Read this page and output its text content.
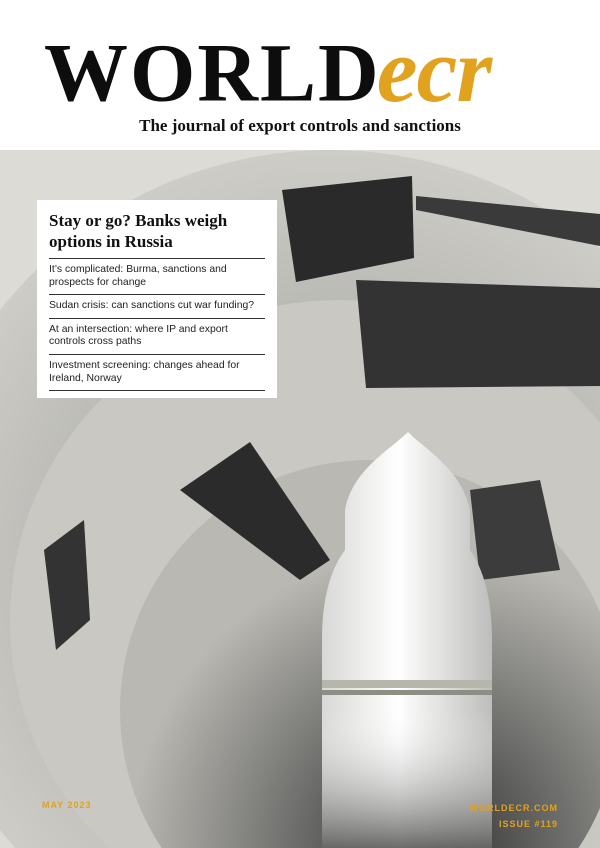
WORLDecr
The journal of export controls and sanctions
Stay or go? Banks weigh options in Russia
It’s complicated: Burma, sanctions and prospects for change
Sudan crisis: can sanctions cut war funding?
At an intersection: where IP and export controls cross paths
Investment screening: changes ahead for Ireland, Norway
MAY 2023	WORLDECR.COM
ISSUE #119
